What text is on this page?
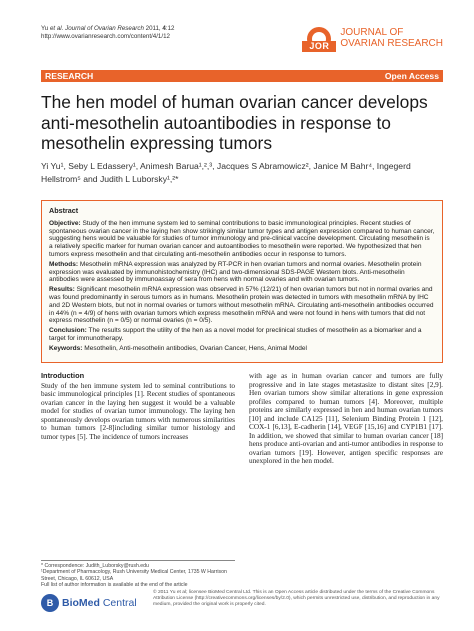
Yu et al. Journal of Ovarian Research 2011, 4:12
http://www.ovarianresearch.com/content/4/1/12
JOR
JOURNAL OF
OVARIAN RESEARCH
RESEARCH	Open Access
The hen model of human ovarian cancer develops anti-mesothelin autoantibodies in response to mesothelin expressing tumors
Yi Yu¹, Seby L Edassery¹, Animesh Barua¹,²,³, Jacques S Abramowicz², Janice M Bahr⁴, Ingegerd Hellstrom⁵ and Judith L Luborsky¹,²*
Abstract

Objective: Study of the hen immune system led to seminal contributions to basic immunological principles. Recent studies of spontaneous ovarian cancer in the laying hen show strikingly similar tumor types and antigen expression compared to human cancer, suggesting hens would be valuable for studies of tumor immunology and pre-clinical vaccine development. Circulating mesothelin is a relatively specific marker for human ovarian cancer and autoantibodies to mesothelin were reported. We hypothesized that hen tumors express mesothelin and that circulating anti-mesothelin antibodies occur in response to tumors.

Methods: Mesothelin mRNA expression was analyzed by RT-PCR in hen ovarian tumors and normal ovaries. Mesothelin protein expression was evaluated by immunohistochemistry (IHC) and two-dimensional SDS-PAGE Western blots. Anti-mesothelin antibodies were assessed by immunoassay of sera from hens with normal ovaries and with ovarian tumors.

Results: Significant mesothelin mRNA expression was observed in 57% (12/21) of hen ovarian tumors but not in normal ovaries and was found predominantly in serous tumors as in humans. Mesothelin protein was detected in tumors with mesothelin mRNA by IHC and 2D Western blots, but not in normal ovaries or tumors without mesothelin mRNA. Circulating anti-mesothelin antibodies occurred in 44% (n = 4/9) of hens with ovarian tumors which express mesothelin mRNA and were not found in hens with tumors that did not express mesothelin (n = 0/5) or normal ovaries (n = 0/5).

Conclusion: The results support the utility of the hen as a novel model for preclinical studies of mesothelin as a biomarker and a target for immunotherapy.

Keywords: Mesothelin, Anti-mesothelin antibodies, Ovarian Cancer, Hens, Animal Model

Introduction
Study of the hen immune system led to seminal contributions to basic immunological principles [1]. Recent studies of spontaneous ovarian cancer in the laying hen suggest it would be a valuable model for studies of ovarian tumor immunology. The laying hen spontaneously develops ovarian tumors with numerous similarities to human tumors [2-8]including similar tumor histology and tumor types [5]. The incidence of tumors increases
with age as in human ovarian cancer and tumors are fully progressive and in late stages metastasize to distant sites [2,9]. Hen ovarian tumors show similar alterations in gene expression profiles compared to human tumors [4]. Moreover, multiple proteins are similarly expressed in hen and human ovarian tumors [10] and include CA125 [11], Selenium Binding Protein 1 [12], COX-1 [6,13], E-cadherin [14], VEGF [15,16] and CYP1B1 [17]. In addition, we showed that similar to human ovarian cancer [18] hens produce anti-ovarian and anti-tumor antibodies in response to ovarian tumors [19]. However, antigen specific responses are unexplored in the hen model.
* Correspondence: Judith_Luborsky@rush.edu
¹Department of Pharmacology, Rush University Medical Center, 1735 W Harrison Street, Chicago, IL 60612, USA
Full list of author information is available at the end of the article
B BioMed Central
© 2011 Yu et al; licensee BioMed Central Ltd. This is an Open Access article distributed under the terms of the Creative Commons Attribution License (http://creativecommons.org/licenses/by/2.0), which permits unrestricted use, distribution, and reproduction in any medium, provided the original work is properly cited.
